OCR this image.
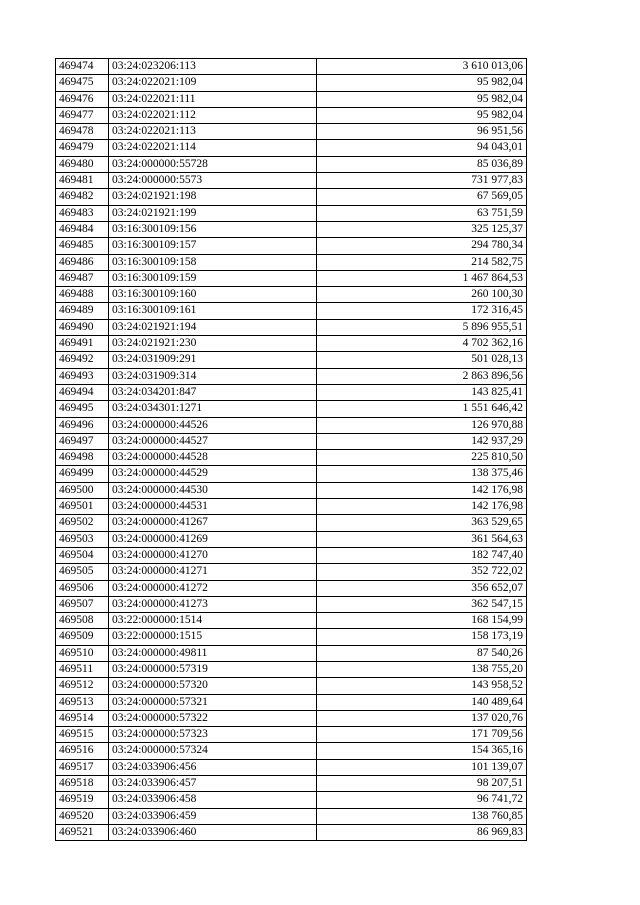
469474	03:24:023206:113	3 610 013,06
469475	03:24:022021:109	95 982,04
469476	03:24:022021:111	95 982,04
469477	03:24:022021:112	95 982,04
469478	03:24:022021:113	96 951,56
469479	03:24:022021:114	94 043,01
469480	03:24:000000:55728	85 036,89
469481	03:24:000000:5573	731 977,83
469482	03:24:021921:198	67 569,05
469483	03:24:021921:199	63 751,59
469484	03:16:300109:156	325 125,37
469485	03:16:300109:157	294 780,34
469486	03:16:300109:158	214 582,75
469487	03:16:300109:159	1 467 864,53
469488	03:16:300109:160	260 100,30
469489	03:16:300109:161	172 316,45
469490	03:24:021921:194	5 896 955,51
469491	03:24:021921:230	4 702 362,16
469492	03:24:031909:291	501 028,13
469493	03:24:031909:314	2 863 896,56
469494	03:24:034201:847	143 825,41
469495	03:24:034301:1271	1 551 646,42
469496	03:24:000000:44526	126 970,88
469497	03:24:000000:44527	142 937,29
469498	03:24:000000:44528	225 810,50
469499	03:24:000000:44529	138 375,46
469500	03:24:000000:44530	142 176,98
469501	03:24:000000:44531	142 176,98
469502	03:24:000000:41267	363 529,65
469503	03:24:000000:41269	361 564,63
469504	03:24:000000:41270	182 747,40
469505	03:24:000000:41271	352 722,02
469506	03:24:000000:41272	356 652,07
469507	03:24:000000:41273	362 547,15
469508	03:22:000000:1514	168 154,99
469509	03:22:000000:1515	158 173,19
469510	03:24:000000:49811	87 540,26
469511	03:24:000000:57319	138 755,20
469512	03:24:000000:57320	143 958,52
469513	03:24:000000:57321	140 489,64
469514	03:24:000000:57322	137 020,76
469515	03:24:000000:57323	171 709,56
469516	03:24:000000:57324	154 365,16
469517	03:24:033906:456	101 139,07
469518	03:24:033906:457	98 207,51
469519	03:24:033906:458	96 741,72
469520	03:24:033906:459	138 760,85
469521	03:24:033906:460	86 969,83
